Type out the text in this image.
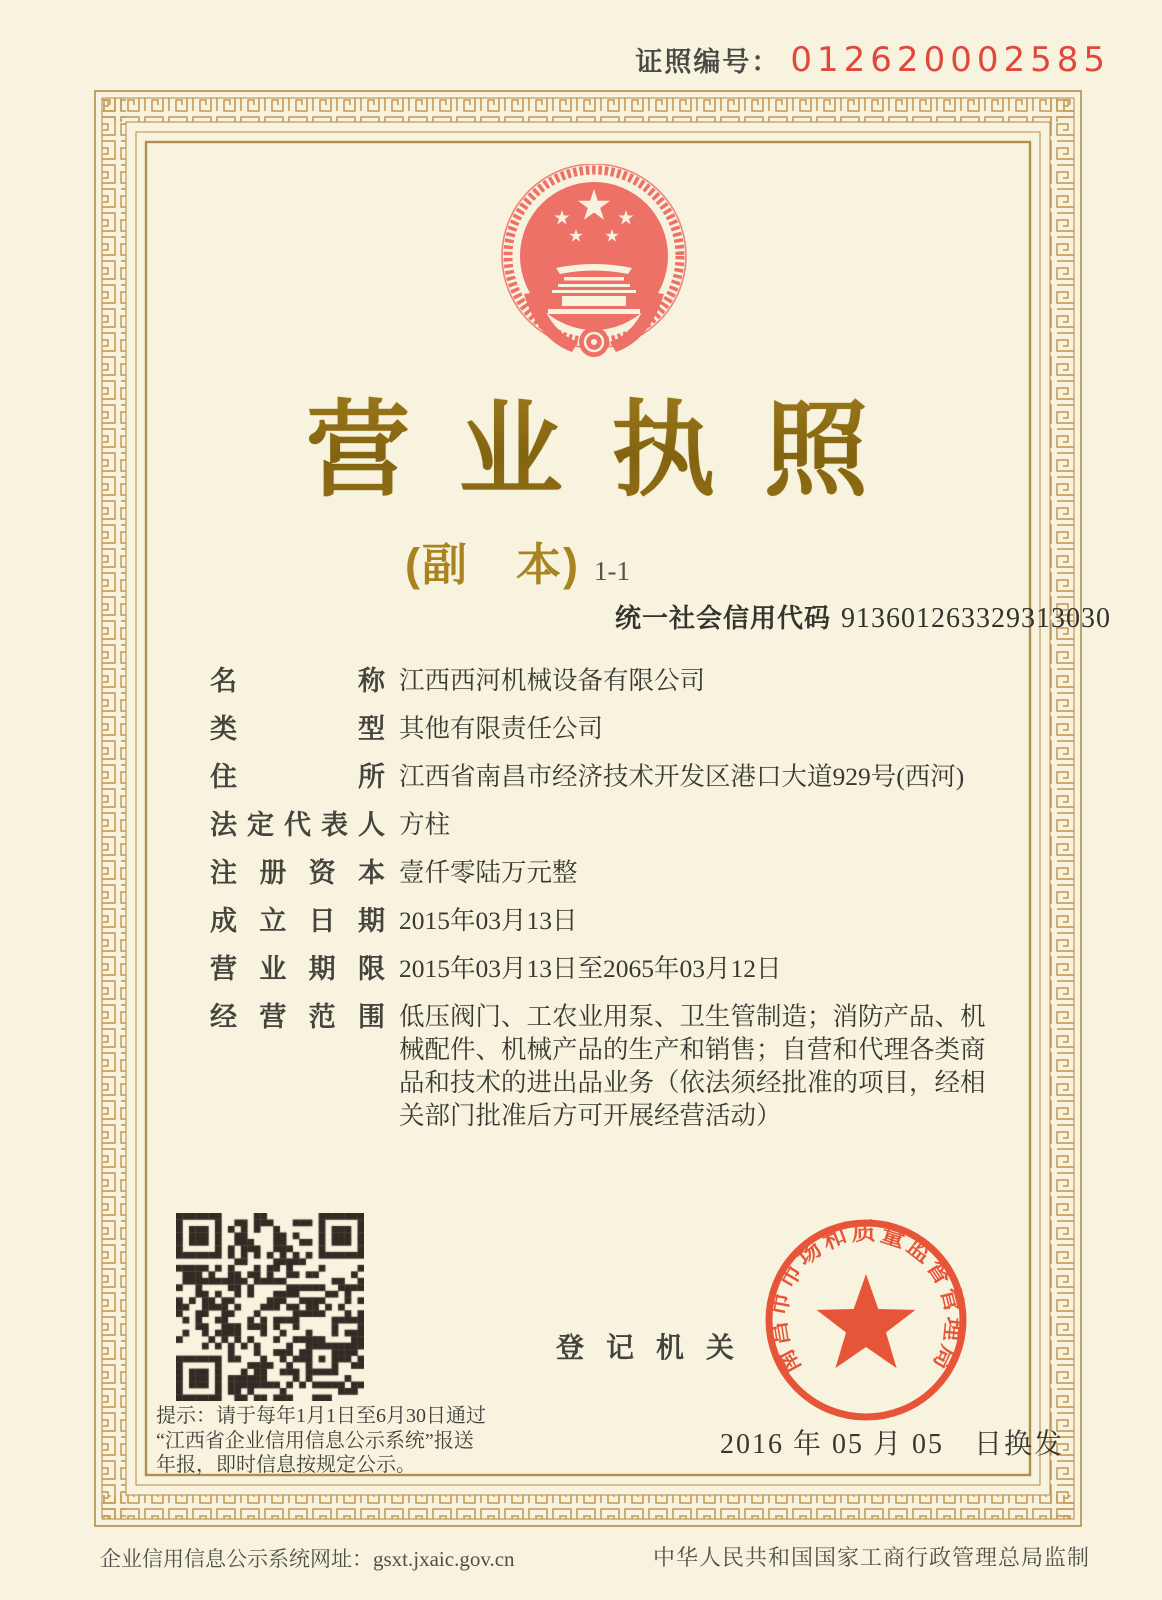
证照编号： 012620002585
营 业 执 照
(副　本) 1-1
统一社会信用代码 913601263329313030
名	称 江西西河机械设备有限公司
类	型 其他有限责任公司
住	所 江西省南昌市经济技术开发区港口大道929号(西河)
法 定 代 表 人 方柱
注 册 资 本 壹仟零陆万元整
成 立 日 期 2015年03月13日
营 业 期 限 2015年03月13日至2065年03月12日
经 营 范 围 低压阀门、工农业用泵、卫生管制造；消防产品、机械配件、机械产品的生产和销售；自营和代理各类商品和技术的进出品业务（依法须经批准的项目，经相关部门批准后方可开展经营活动）
提示：请于每年1月1日至6月30日通过
“江西省企业信用信息公示系统”报送
年报，即时信息按规定公示。
登记机关 南昌市市场和质量监督管理局
2016 年 05 月 05　日换发
企业信用信息公示系统网址：gsxt.jxaic.gov.cn	中华人民共和国国家工商行政管理总局监制
